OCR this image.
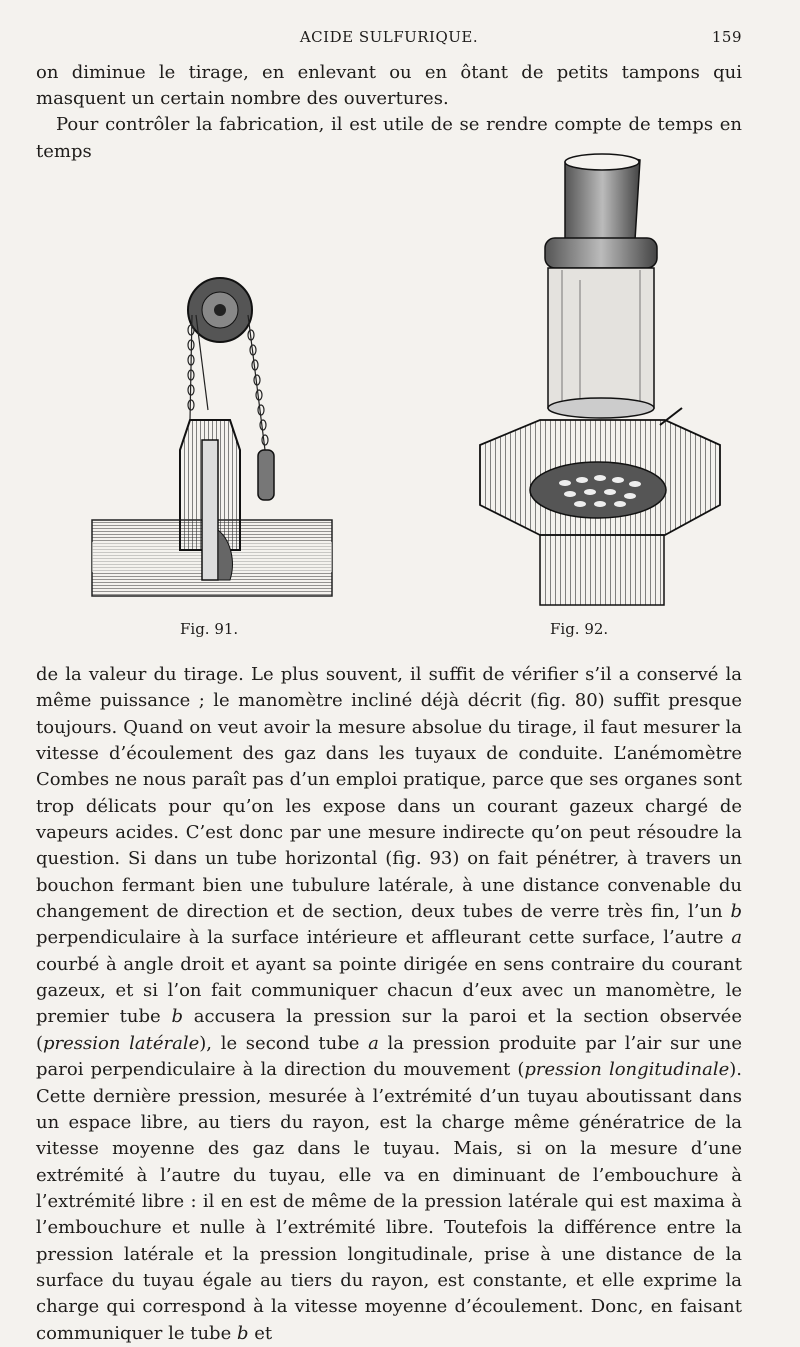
ACIDE SULFURIQUE.	159

on diminue le tirage, en enlevant ou en ôtant de petits tampons qui masquent un certain nombre des ouvertures.

Pour contrôler la fabrication, il est utile de se rendre compte de temps en temps

Fig. 91.	Fig. 92.

de la valeur du tirage. Le plus souvent, il suffit de vérifier s’il a conservé la même puissance ; le manomètre incliné déjà décrit (fig. 80) suffit presque toujours. Quand on veut avoir la mesure absolue du tirage, il faut mesurer la vitesse d’écoulement des gaz dans les tuyaux de conduite. L’anémomètre Combes ne nous paraît pas d’un emploi pratique, parce que ses organes sont trop délicats pour qu’on les expose dans un courant gazeux chargé de vapeurs acides. C’est donc par une mesure indirecte qu’on peut résoudre la question. Si dans un tube horizontal (fig. 93) on fait pénétrer, à travers un bouchon fermant bien une tubulure latérale, à une distance convenable du changement de direction et de section, deux tubes de verre très fin, l’un b perpendiculaire à la surface intérieure et affleurant cette surface, l’autre a courbé à angle droit et ayant sa pointe dirigée en sens contraire du courant gazeux, et si l’on fait communiquer chacun d’eux avec un manomètre, le premier tube b accusera la pression sur la paroi et la section observée (pression latérale), le second tube a la pression produite par l’air sur une paroi perpendiculaire à la direction du mouvement (pression longitudinale). Cette dernière pression, mesurée à l’extrémité d’un tuyau aboutissant dans un espace libre, au tiers du rayon, est la charge même génératrice de la vitesse moyenne des gaz dans le tuyau. Mais, si on la mesure d’une extrémité à l’autre du tuyau, elle va en diminuant de l’embouchure à l’extrémité libre : il en est de même de la pression latérale qui est maxima à l’embouchure et nulle à l’extrémité libre. Toutefois la différence entre la pression latérale et la pression longitudinale, prise à une distance de la surface du tuyau égale au tiers du rayon, est constante, et elle exprime la charge qui correspond à la vitesse moyenne d’écoulement. Donc, en faisant communiquer le tube b et
